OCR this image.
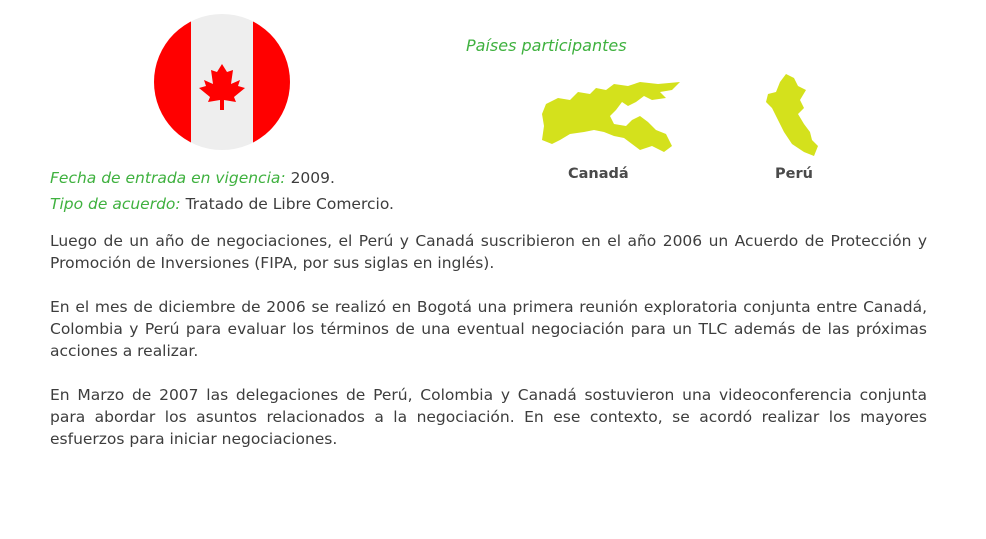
Países participantes
Canadá	Perú
Fecha de entrada en vigencia: 2009.
Tipo de acuerdo: Tratado de Libre Comercio.

Luego de un año de negociaciones, el Perú y Canadá suscribieron en el año 2006 un Acuerdo de Protección y Promoción de Inversiones (FIPA, por sus siglas en inglés).

En el mes de diciembre de 2006 se realizó en Bogotá una primera reunión exploratoria conjunta entre Canadá, Colombia y Perú para evaluar los términos de una eventual negociación para un TLC además de las próximas acciones a realizar.

En Marzo de 2007 las delegaciones de Perú, Colombia y Canadá sostuvieron una videoconferencia conjunta para abordar los asuntos relacionados a la negociación. En ese contexto, se acordó realizar los mayores esfuerzos para iniciar negociaciones.
